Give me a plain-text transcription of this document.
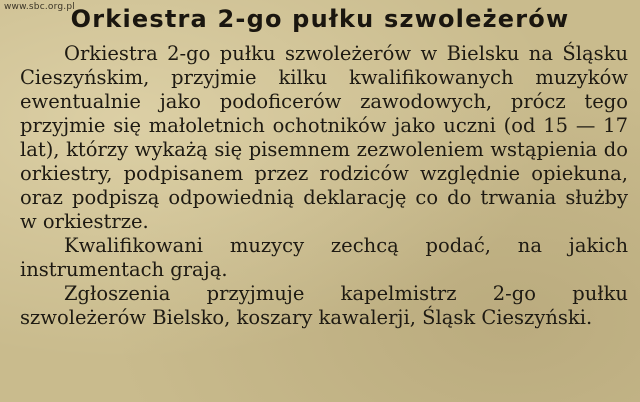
www.sbc.org.pl
Orkiestra 2-go pułku szwoleżerów

Orkiestra 2-go pułku szwoleżerów w Bielsku na Śląsku Cieszyńskim, przyjmie kilku kwalifikowanych muzyków ewentualnie jako podoficerów zawodowych, prócz tego przyjmie się małoletnich ochotników jako uczni (od 15 — 17 lat), którzy wykażą się pisemnem zezwoleniem wstąpienia do orkiestry, podpisanem przez rodziców względnie opiekuna, oraz podpiszą odpowiednią deklarację co do trwania służby w orkiestrze.

Kwalifikowani muzycy zechcą podać, na jakich instrumentach grają.

Zgłoszenia przyjmuje kapelmistrz 2-go pułku szwoleżerów Bielsko, koszary kawalerji, Śląsk Cieszyński.
